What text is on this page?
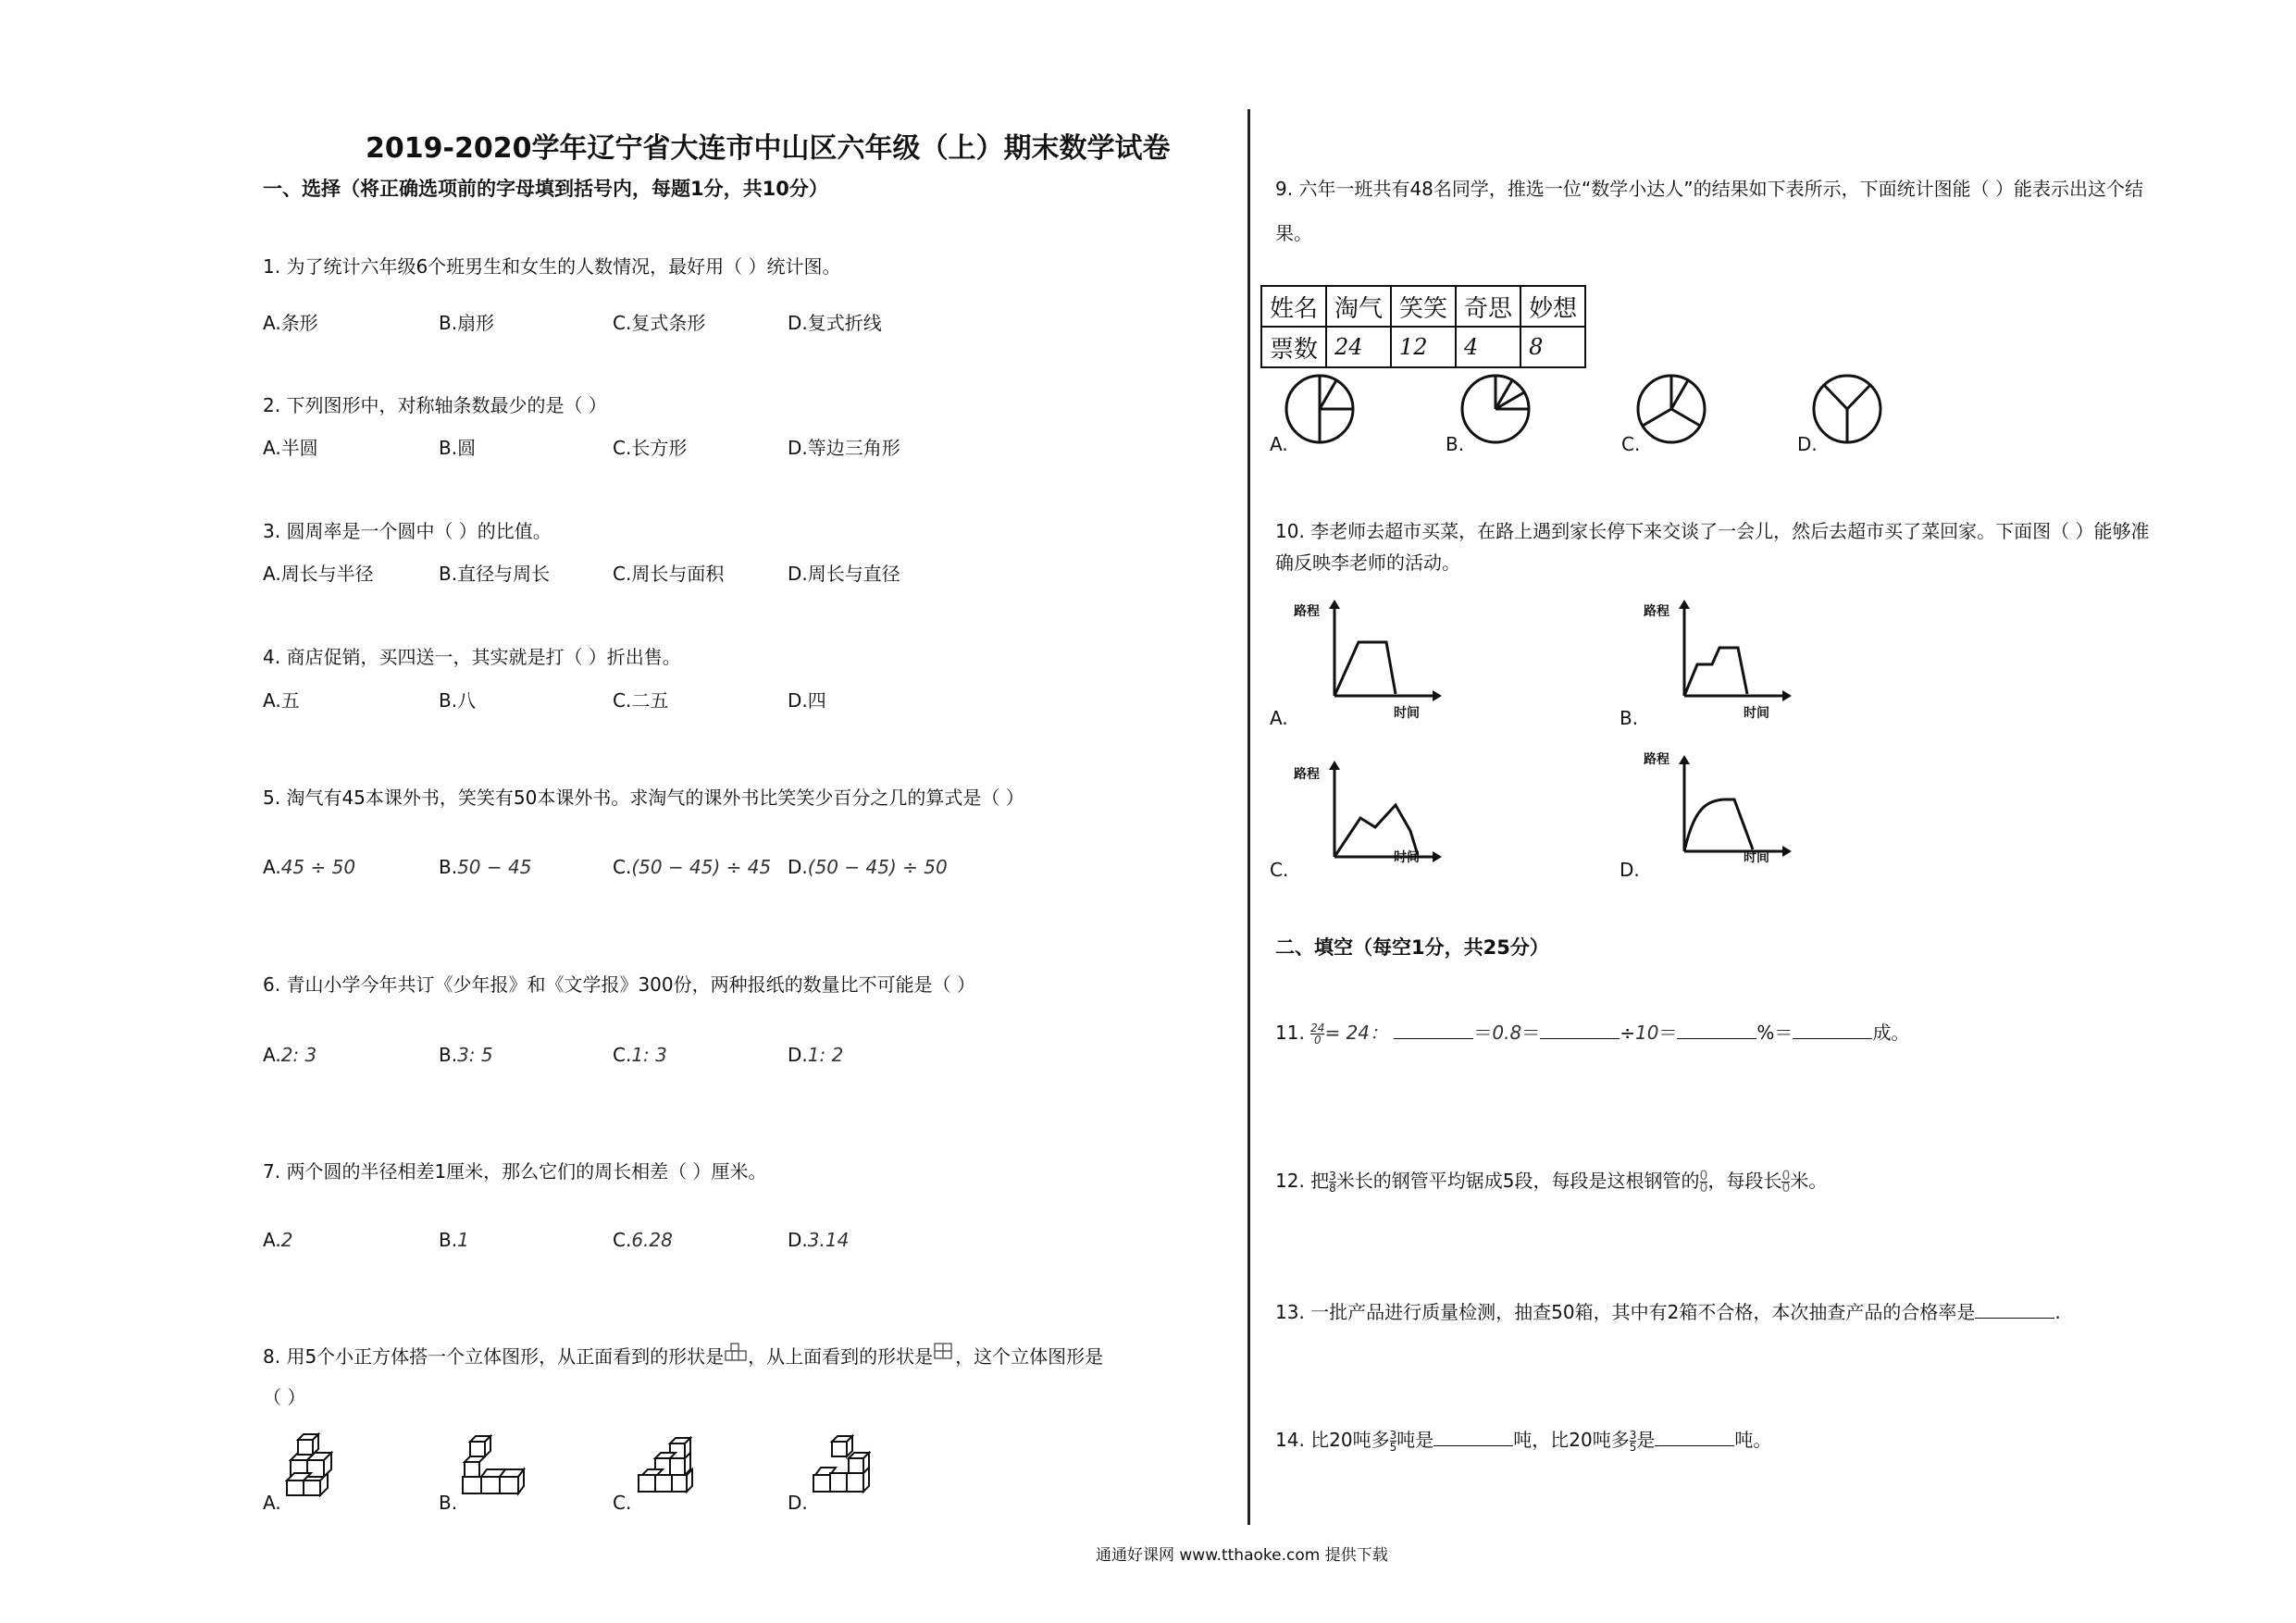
2019-2020学年辽宁省大连市中山区六年级（上）期末数学试卷
一、选择（将正确选项前的字母填到括号内，每题1分，共10分）
1. 为了统计六年级6个班男生和女生的人数情况，最好用（ ）统计图。
A.条形	B.扇形	C.复式条形	D.复式折线
2. 下列图形中，对称轴条数最少的是（ ）
A.半圆	B.圆	C.长方形	D.等边三角形
3. 圆周率是一个圆中（ ）的比值。
A.周长与半径	B.直径与周长	C.周长与面积	D.周长与直径
4. 商店促销，买四送一，其实就是打（ ）折出售。
A.五	B.八	C.二五	D.四
5. 淘气有45本课外书，笑笑有50本课外书。求淘气的课外书比笑笑少百分之几的算式是（ ）
A.45 ÷ 50	B.50 − 45	C.(50 − 45) ÷ 45 D.(50 − 45) ÷ 50
6. 青山小学今年共订《少年报》和《文学报》300份，两种报纸的数量比不可能是（ ）
A.2: 3	B.3: 5	C.1: 3	D.1: 2
7. 两个圆的半径相差1厘米，那么它们的周长相差（ ）厘米。
A.2	B.1	C.6.28	D.3.14
8. 用5个小正方体搭一个立体图形，从正面看到的形状是 ，从上面看到的形状是 ，这个立体图形是
（ ）
A.	B.	C.	D.
9. 六年一班共有48名同学，推选一位“数学小达人”的结果如下表所示，下面统计图能（ ）能表示出这个结
果。
姓名	淘气	笑笑	奇思	妙想
票数	24	12	4	8
A.	B.	C.	D.
10. 李老师去超市买菜，在路上遇到家长停下来交谈了一会儿，然后去超市买了菜回家。下面图（ ）能够准
确反映李老师的活动。
A.
路程
时间	B.
路程
时间
C.
路程
时间
D.
路程
时间
二、填空（每空1分，共25分）
11. $\frac{24}{0} = 24$：	＝0.8＝	÷10＝	%＝	成。
12. 把 $\frac{3}{8}$ 米长的钢管平均锯成5段，每段是这根钢管的 $\frac{0}{0}$ ，每段长 $\frac{0}{0}$ 米。
13. 一批产品进行质量检测，抽查50箱，其中有2箱不合格，本次抽查产品的合格率是	.
14. 比20吨多 $\frac{3}{5}$ 吨是	吨，比20吨多 $\frac{3}{5}$ 是	吨。
通通好课网 www.tthaoke.com 提供下载
